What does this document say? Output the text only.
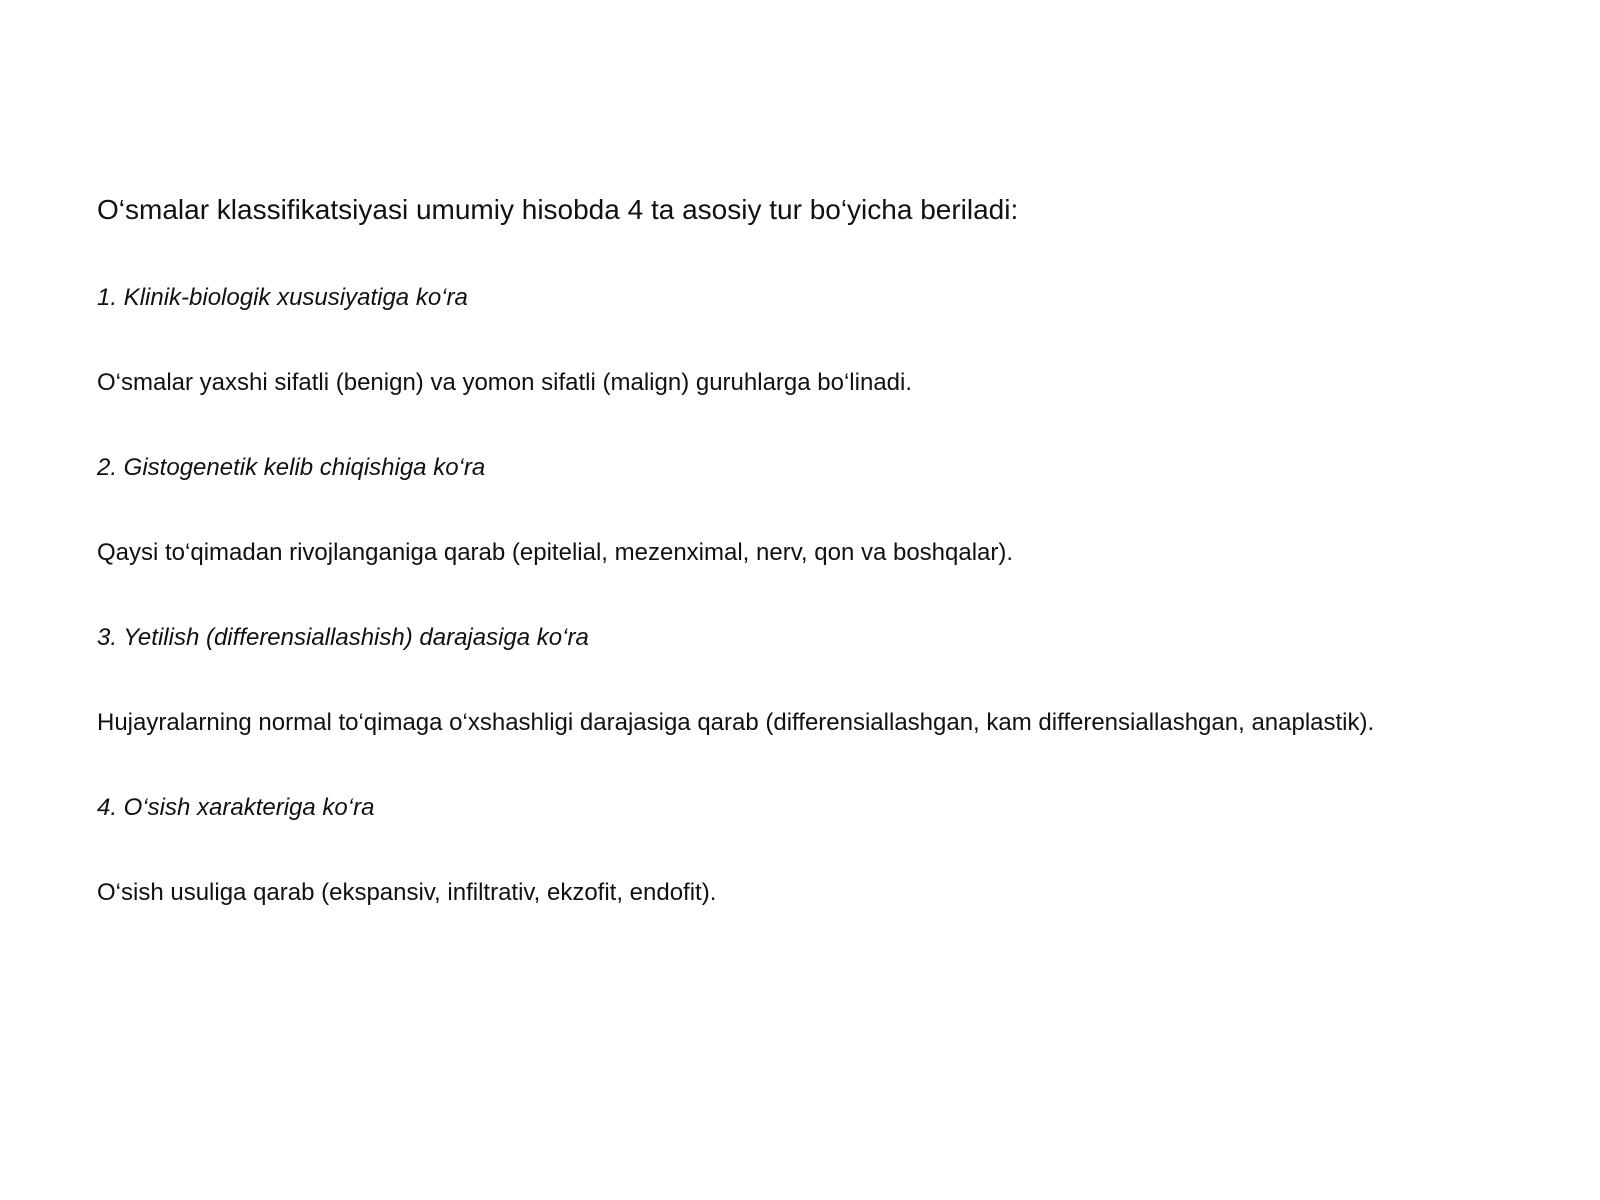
O‘smalar klassifikatsiyasi umumiy hisobda 4 ta asosiy tur bo‘yicha beriladi:

1. Klinik-biologik xususiyatiga ko‘ra

O‘smalar yaxshi sifatli (benign) va yomon sifatli (malign) guruhlarga bo‘linadi.

2. Gistogenetik kelib chiqishiga ko‘ra

Qaysi to‘qimadan rivojlanganiga qarab (epitelial, mezenximal, nerv, qon va boshqalar).

3. Yetilish (differensiallashish) darajasiga ko‘ra

Hujayralarning normal to‘qimaga o‘xshashligi darajasiga qarab (differensiallashgan, kam differensiallashgan, anaplastik).

4. O‘sish xarakteriga ko‘ra

O‘sish usuliga qarab (ekspansiv, infiltrativ, ekzofit, endofit).
